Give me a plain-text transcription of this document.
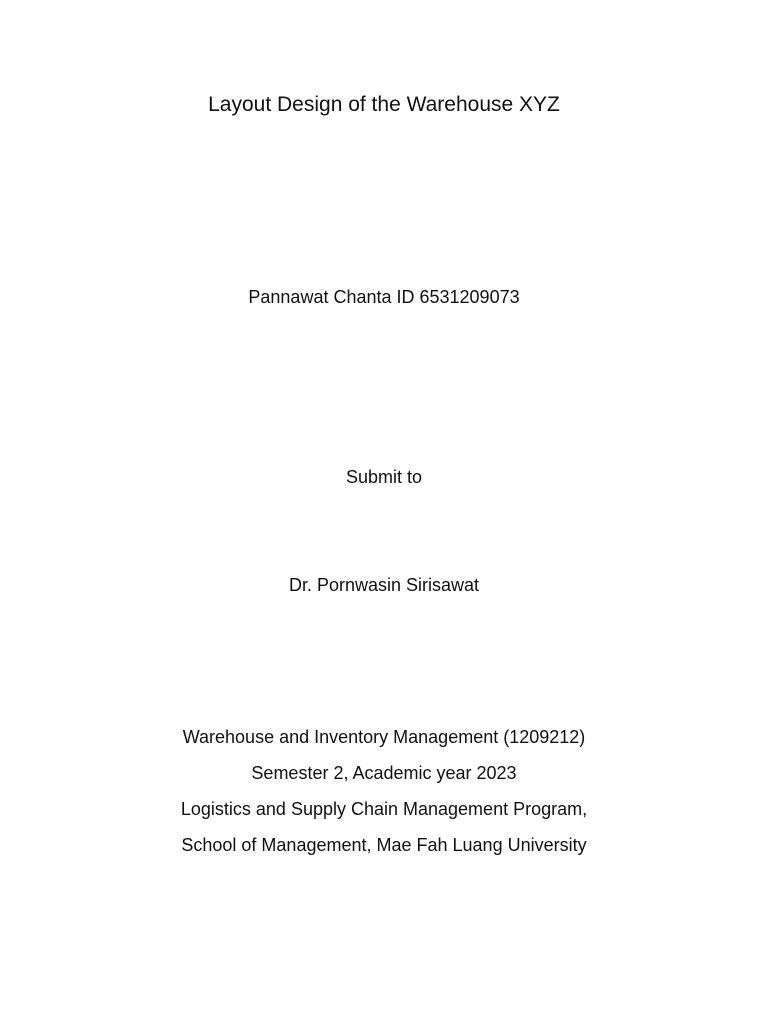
Layout Design of the Warehouse XYZ
Pannawat Chanta ID 6531209073
Submit to
Dr. Pornwasin Sirisawat
Warehouse and Inventory Management (1209212)
Semester 2, Academic year 2023
Logistics and Supply Chain Management Program,
School of Management, Mae Fah Luang University
